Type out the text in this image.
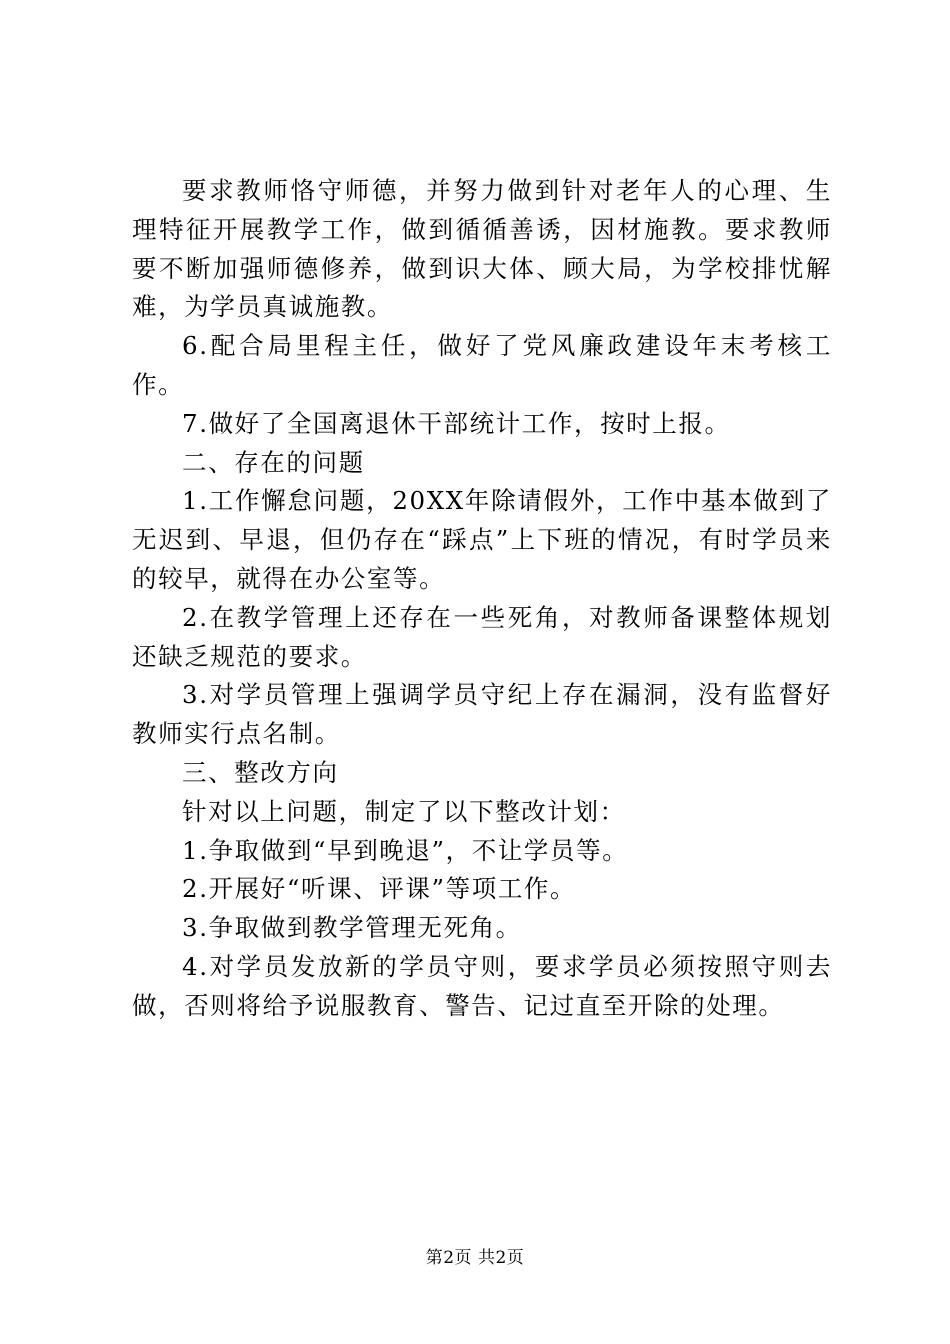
要求教师恪守师德，并努力做到针对老年人的心理、生理特征开展教学工作，做到循循善诱，因材施教。要求教师要不断加强师德修养，做到识大体、顾大局，为学校排忧解难，为学员真诚施教。

6.配合局里程主任，做好了党风廉政建设年末考核工作。

7.做好了全国离退休干部统计工作，按时上报。

二、存在的问题

1.工作懈怠问题，20XX年除请假外，工作中基本做到了无迟到、早退，但仍存在“踩点”上下班的情况，有时学员来的较早，就得在办公室等。

2.在教学管理上还存在一些死角，对教师备课整体规划还缺乏规范的要求。

3.对学员管理上强调学员守纪上存在漏洞，没有监督好教师实行点名制。

三、整改方向

针对以上问题，制定了以下整改计划：

1.争取做到“早到晚退”，不让学员等。

2.开展好“听课、评课”等项工作。

3.争取做到教学管理无死角。

4.对学员发放新的学员守则，要求学员必须按照守则去做，否则将给予说服教育、警告、记过直至开除的处理。

第2页 共2页
